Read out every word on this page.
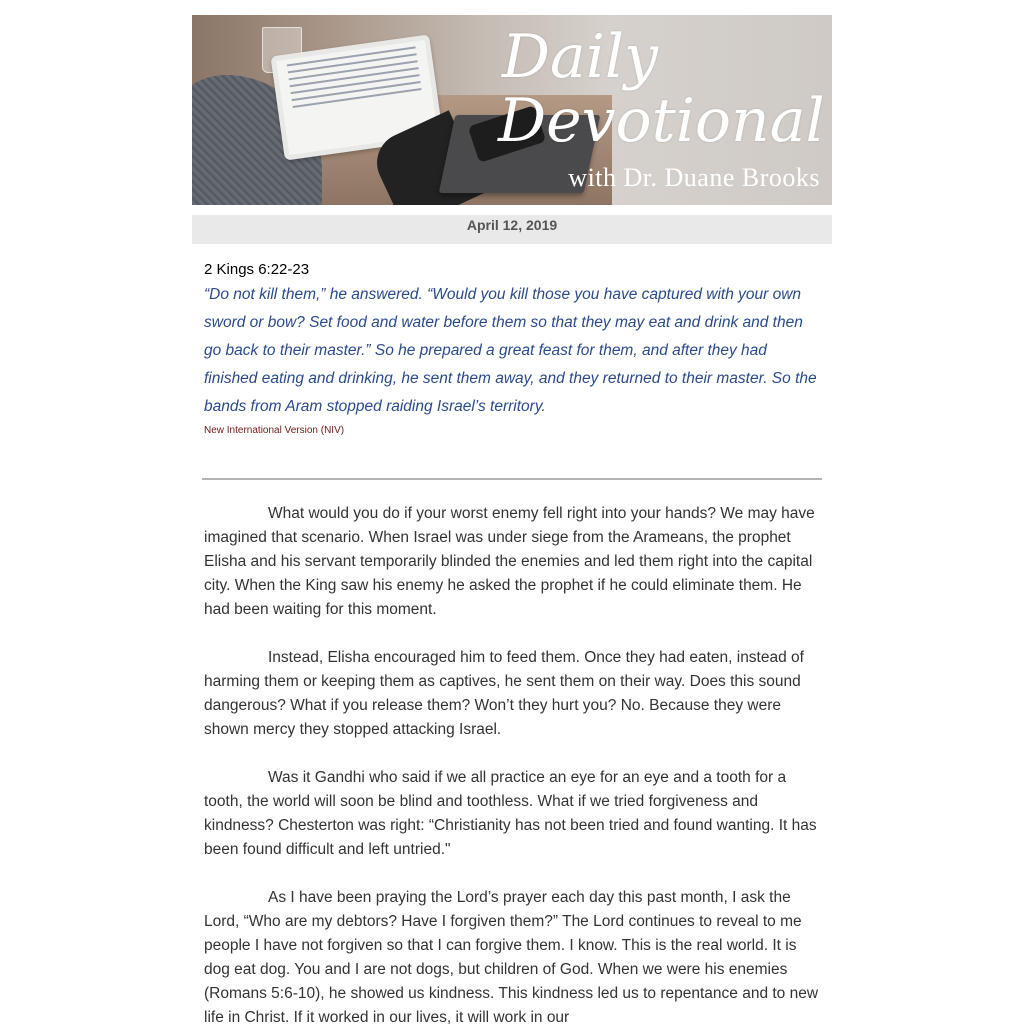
Daily
Devotional
with Dr. Duane Brooks
April 12, 2019
2 Kings 6:22-23
“Do not kill them,” he answered. “Would you kill those you have captured with your own sword or bow? Set food and water before them so that they may eat and drink and then go back to their master.” So he prepared a great feast for them, and after they had finished eating and drinking, he sent them away, and they returned to their master. So the bands from Aram stopped raiding Israel’s territory.
New International Version (NIV)

What would you do if your worst enemy fell right into your hands? We may have imagined that scenario. When Israel was under siege from the Arameans, the prophet Elisha and his servant temporarily blinded the enemies and led them right into the capital city. When the King saw his enemy he asked the prophet if he could eliminate them. He had been waiting for this moment.

Instead, Elisha encouraged him to feed them. Once they had eaten, instead of harming them or keeping them as captives, he sent them on their way. Does this sound dangerous? What if you release them? Won’t they hurt you? No. Because they were shown mercy they stopped attacking Israel.

Was it Gandhi who said if we all practice an eye for an eye and a tooth for a tooth, the world will soon be blind and toothless. What if we tried forgiveness and kindness? Chesterton was right: “Christianity has not been tried and found wanting. It has been found difficult and left untried."

As I have been praying the Lord’s prayer each day this past month, I ask the Lord, “Who are my debtors? Have I forgiven them?” The Lord continues to reveal to me people I have not forgiven so that I can forgive them. I know. This is the real world. It is dog eat dog. You and I are not dogs, but children of God. When we were his enemies (Romans 5:6-10), he showed us kindness. This kindness led us to repentance and to new life in Christ. If it worked in our lives, it will work in our
